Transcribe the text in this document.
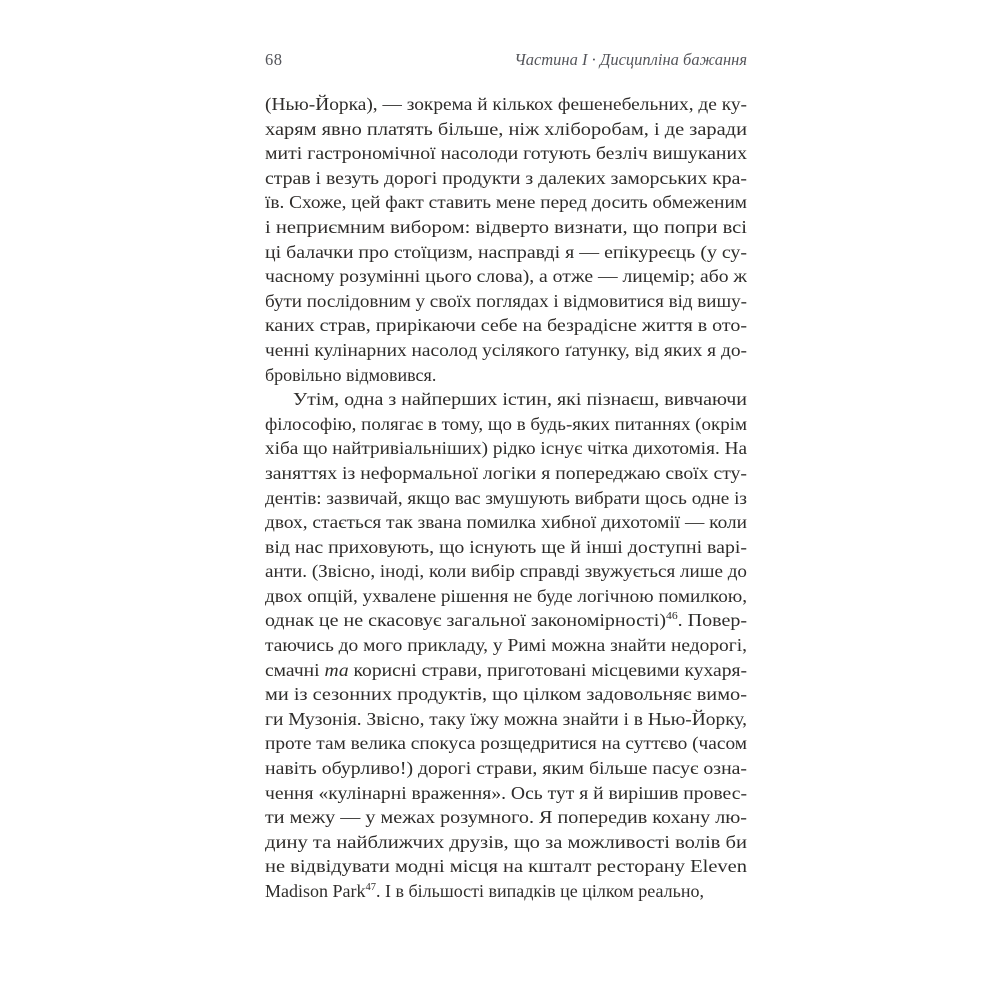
68	Частина I · Дисципліна бажання
(Нью-Йорка), — зокрема й кількох фешенебельних, де ку-
харям явно платять більше, ніж хліборобам, і де заради
миті гастрономічної насолоди готують безліч вишуканих
страв і везуть дорогі продукти з далеких заморських кра-
їв. Схоже, цей факт ставить мене перед досить обмеженим
і неприємним вибором: відверто визнати, що попри всі
ці балачки про стоїцизм, насправді я — епікуреєць (у су-
часному розумінні цього слова), а отже — лицемір; або ж
бути послідовним у своїх поглядах і відмовитися від вишу-
каних страв, прирікаючи себе на безрадісне життя в ото-
ченні кулінарних насолод усілякого ґатунку, від яких я до-
бровільно відмовився.
Утім, одна з найперших істин, які пізнаєш, вивчаючи
філософію, полягає в тому, що в будь-яких питаннях (окрім
хіба що найтривіальніших) рідко існує чітка дихотомія. На
заняттях із неформальної логіки я попереджаю своїх сту-
дентів: зазвичай, якщо вас змушують вибрати щось одне із
двох, стається так звана помилка хибної дихотомії — коли
від нас приховують, що існують ще й інші доступні варі-
анти. (Звісно, іноді, коли вибір справді звужується лише до
двох опцій, ухвалене рішення не буде логічною помилкою,
однак це не скасовує загальної закономірності)$^{46}$. Повер-
таючись до мого прикладу, у Римі можна знайти недорогі,
смачні та корисні страви, приготовані місцевими кухаря-
ми із сезонних продуктів, що цілком задовольняє вимо-
ги Музонія. Звісно, таку їжу можна знайти і в Нью-Йорку,
проте там велика спокуса розщедритися на суттєво (часом
навіть обурливо!) дорогі страви, яким більше пасує озна-
чення «кулінарні враження». Ось тут я й вирішив провес-
ти межу — у межах розумного. Я попередив кохану лю-
дину та найближчих друзів, що за можливості волів би
не відвідувати модні місця на кшталт ресторану Eleven
Madison Park$^{47}$. І в більшості випадків це цілком реально,
